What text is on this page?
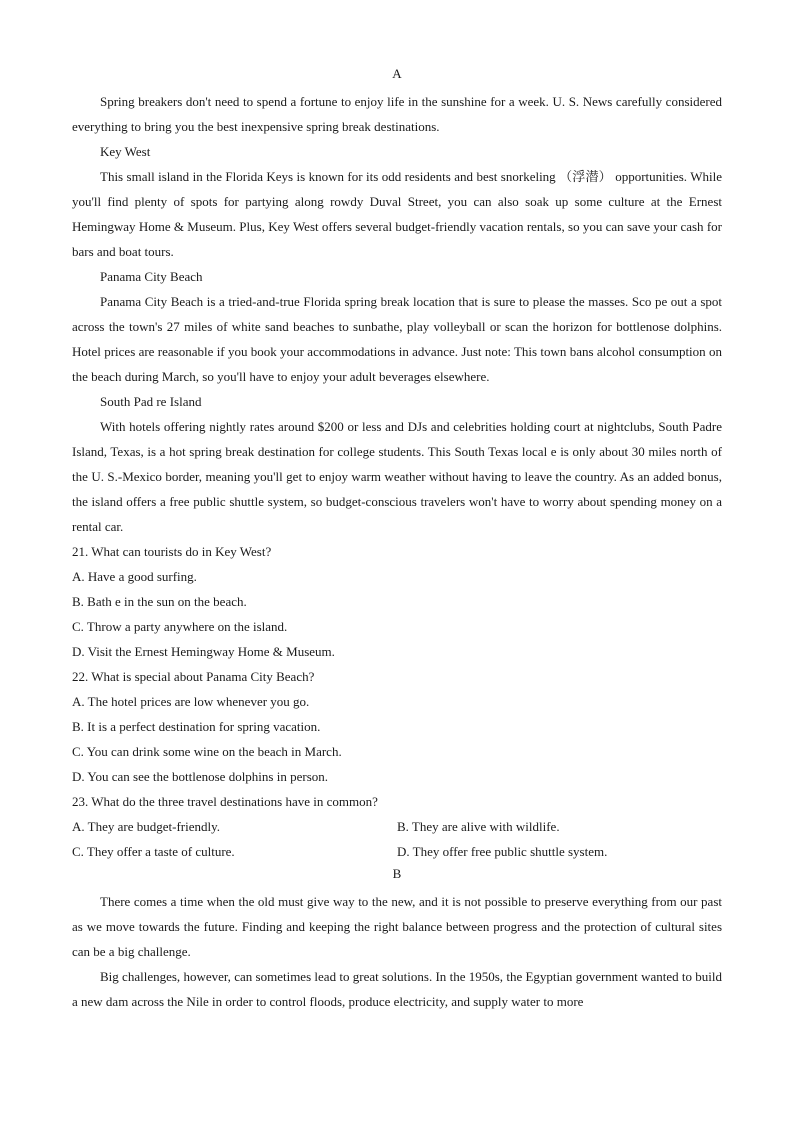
A

Spring breakers don't need to spend a fortune to enjoy life in the sunshine for a week. U. S. News carefully considered everything to bring you the best inexpensive spring break destinations.

Key West

This small island in the Florida Keys is known for its odd residents and best snorkeling （浮潜） opportunities. While you'll find plenty of spots for partying along rowdy Duval Street, you can also soak up some culture at the Ernest Hemingway Home & Museum. Plus, Key West offers several budget-friendly vacation rentals, so you can save your cash for bars and boat tours.

Panama City Beach

Panama City Beach is a tried-and-true Florida spring break location that is sure to please the masses. Sco pe out a spot across the town's 27 miles of white sand beaches to sunbathe, play volleyball or scan the horizon for bottlenose dolphins. Hotel prices are reasonable if you book your accommodations in advance. Just note: This town bans alcohol consumption on the beach during March, so you'll have to enjoy your adult beverages elsewhere.

South Pad re Island

With hotels offering nightly rates around $200 or less and DJs and celebrities holding court at nightclubs, South Padre Island, Texas, is a hot spring break destination for college students. This South Texas local e is only about 30 miles north of the U. S.-Mexico border, meaning you'll get to enjoy warm weather without having to leave the country. As an added bonus, the island offers a free public shuttle system, so budget-conscious travelers won't have to worry about spending money on a rental car.

21. What can tourists do in Key West?

A. Have a good surfing.

B. Bath e in the sun on the beach.

C. Throw a party anywhere on the island.

D. Visit the Ernest Hemingway Home & Museum.

22. What is special about Panama City Beach?

A. The hotel prices are low whenever you go.

B. It is a perfect destination for spring vacation.

C. You can drink some wine on the beach in March.

D. You can see the bottlenose dolphins in person.

23. What do the three travel destinations have in common?

A. They are budget-friendly.	B. They are alive with wildlife.
C. They offer a taste of culture.	D. They offer free public shuttle system.

B

There comes a time when the old must give way to the new, and it is not possible to preserve everything from our past as we move towards the future. Finding and keeping the right balance between progress and the protection of cultural sites can be a big challenge.

Big challenges, however, can sometimes lead to great solutions. In the 1950s, the Egyptian government wanted to build a new dam across the Nile in order to control floods, produce electricity, and supply water to more
